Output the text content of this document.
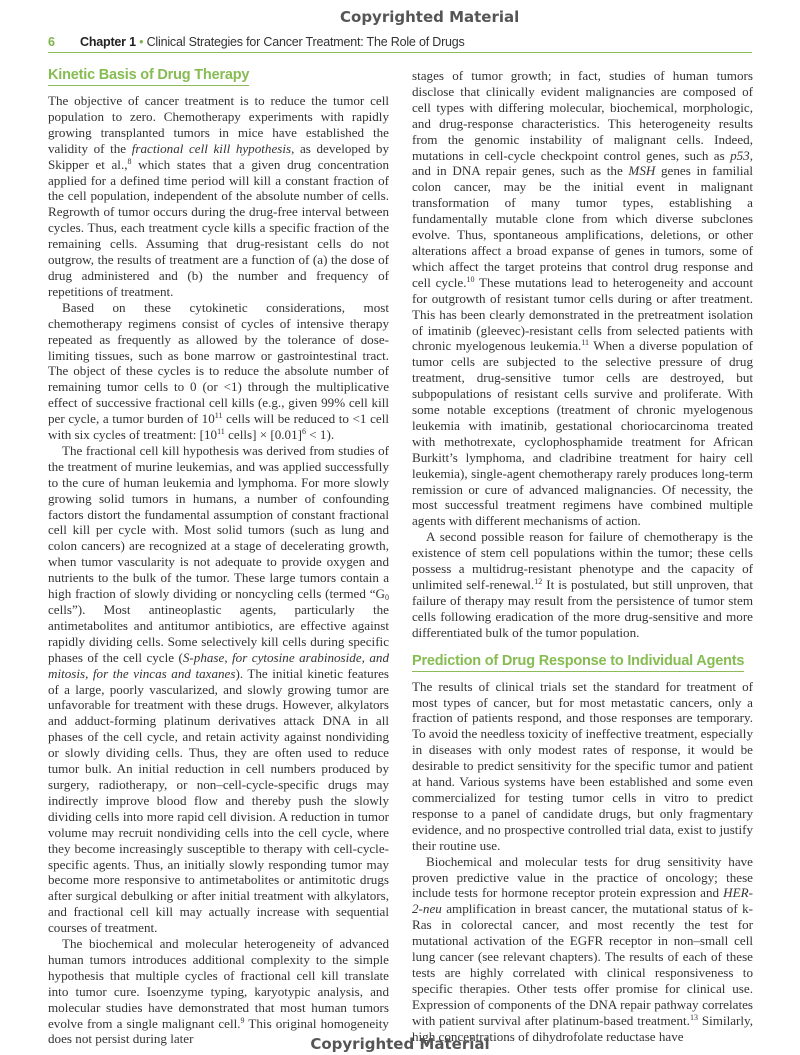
Copyrighted Material
6 Chapter 1 • Clinical Strategies for Cancer Treatment: The Role of Drugs
Kinetic Basis of Drug Therapy

The objective of cancer treatment is to reduce the tumor cell population to zero. Chemotherapy experiments with rapidly growing transplanted tumors in mice have established the validity of the fractional cell kill hypothesis, as developed by Skipper et al.,$^8$ which states that a given drug concentration applied for a defined time period will kill a constant fraction of the cell population, independent of the absolute number of cells. Regrowth of tumor occurs during the drug-free interval between cycles. Thus, each treatment cycle kills a specific fraction of the remaining cells. Assuming that drug-resistant cells do not outgrow, the results of treatment are a function of (a) the dose of drug administered and (b) the number and frequency of repetitions of treatment.

Based on these cytokinetic considerations, most chemotherapy regimens consist of cycles of intensive therapy repeated as frequently as allowed by the tolerance of dose-limiting tissues, such as bone marrow or gastrointestinal tract. The object of these cycles is to reduce the absolute number of remaining tumor cells to 0 (or <1) through the multiplicative effect of successive fractional cell kills (e.g., given 99% cell kill per cycle, a tumor burden of $10^{11}$ cells will be reduced to <1 cell with six cycles of treatment: [$10^{11}$ cells] × $[0.01]^6 < 1$).

The fractional cell kill hypothesis was derived from studies of the treatment of murine leukemias, and was applied successfully to the cure of human leukemia and lymphoma. For more slowly growing solid tumors in humans, a number of confounding factors distort the fundamental assumption of constant fractional cell kill per cycle with. Most solid tumors (such as lung and colon cancers) are recognized at a stage of decelerating growth, when tumor vascularity is not adequate to provide oxygen and nutrients to the bulk of the tumor. These large tumors contain a high fraction of slowly dividing or noncycling cells (termed “$G_0$ cells”). Most antineoplastic agents, particularly the antimetabolites and antitumor antibiotics, are effective against rapidly dividing cells. Some selectively kill cells during specific phases of the cell cycle (S-phase, for cytosine arabinoside, and mitosis, for the vincas and taxanes). The initial kinetic features of a large, poorly vascularized, and slowly growing tumor are unfavorable for treatment with these drugs. However, alkylators and adduct-forming platinum derivatives attack DNA in all phases of the cell cycle, and retain activity against nondividing or slowly dividing cells. Thus, they are often used to reduce tumor bulk. An initial reduction in cell numbers produced by surgery, radiotherapy, or non–cell-cycle-specific drugs may indirectly improve blood flow and thereby push the slowly dividing cells into more rapid cell division. A reduction in tumor volume may recruit nondividing cells into the cell cycle, where they become increasingly susceptible to therapy with cell-cycle-specific agents. Thus, an initially slowly responding tumor may become more responsive to antimetabolites or antimitotic drugs after surgical debulking or after initial treatment with alkylators, and fractional cell kill may actually increase with sequential courses of treatment.

The biochemical and molecular heterogeneity of advanced human tumors introduces additional complexity to the simple hypothesis that multiple cycles of fractional cell kill translate into tumor cure. Isoenzyme typing, karyotypic analysis, and molecular studies have demonstrated that most human tumors evolve from a single malignant cell.$^9$ This original homogeneity does not persist during later

stages of tumor growth; in fact, studies of human tumors disclose that clinically evident malignancies are composed of cell types with differing molecular, biochemical, morphologic, and drug-response characteristics. This heterogeneity results from the genomic instability of malignant cells. Indeed, mutations in cell-cycle checkpoint control genes, such as p53, and in DNA repair genes, such as the MSH genes in familial colon cancer, may be the initial event in malignant transformation of many tumor types, establishing a fundamentally mutable clone from which diverse subclones evolve. Thus, spontaneous amplifications, deletions, or other alterations affect a broad expanse of genes in tumors, some of which affect the target proteins that control drug response and cell cycle.$^{10}$ These mutations lead to heterogeneity and account for outgrowth of resistant tumor cells during or after treatment. This has been clearly demonstrated in the pretreatment isolation of imatinib (gleevec)-resistant cells from selected patients with chronic myelogenous leukemia.$^{11}$ When a diverse population of tumor cells are subjected to the selective pressure of drug treatment, drug-sensitive tumor cells are destroyed, but subpopulations of resistant cells survive and proliferate. With some notable exceptions (treatment of chronic myelogenous leukemia with imatinib, gestational choriocarcinoma treated with methotrexate, cyclophosphamide treatment for African Burkitt’s lymphoma, and cladribine treatment for hairy cell leukemia), single-agent chemotherapy rarely produces long-term remission or cure of advanced malignancies. Of necessity, the most successful treatment regimens have combined multiple agents with different mechanisms of action.

A second possible reason for failure of chemotherapy is the existence of stem cell populations within the tumor; these cells possess a multidrug-resistant phenotype and the capacity of unlimited self-renewal.$^{12}$ It is postulated, but still unproven, that failure of therapy may result from the persistence of tumor stem cells following eradication of the more drug-sensitive and more differentiated bulk of the tumor population.

Prediction of Drug Response to Individual Agents

The results of clinical trials set the standard for treatment of most types of cancer, but for most metastatic cancers, only a fraction of patients respond, and those responses are temporary. To avoid the needless toxicity of ineffective treatment, especially in diseases with only modest rates of response, it would be desirable to predict sensitivity for the specific tumor and patient at hand. Various systems have been established and some even commercialized for testing tumor cells in vitro to predict response to a panel of candidate drugs, but only fragmentary evidence, and no prospective controlled trial data, exist to justify their routine use.

Biochemical and molecular tests for drug sensitivity have proven predictive value in the practice of oncology; these include tests for hormone receptor protein expression and HER-2-neu amplification in breast cancer, the mutational status of k-Ras in colorectal cancer, and most recently the test for mutational activation of the EGFR receptor in non–small cell lung cancer (see relevant chapters). The results of each of these tests are highly correlated with clinical responsiveness to specific therapies. Other tests offer promise for clinical use. Expression of components of the DNA repair pathway correlates with patient survival after platinum-based treatment.$^{13}$ Similarly, high concentrations of dihydrofolate reductase have

Copyrighted Material
